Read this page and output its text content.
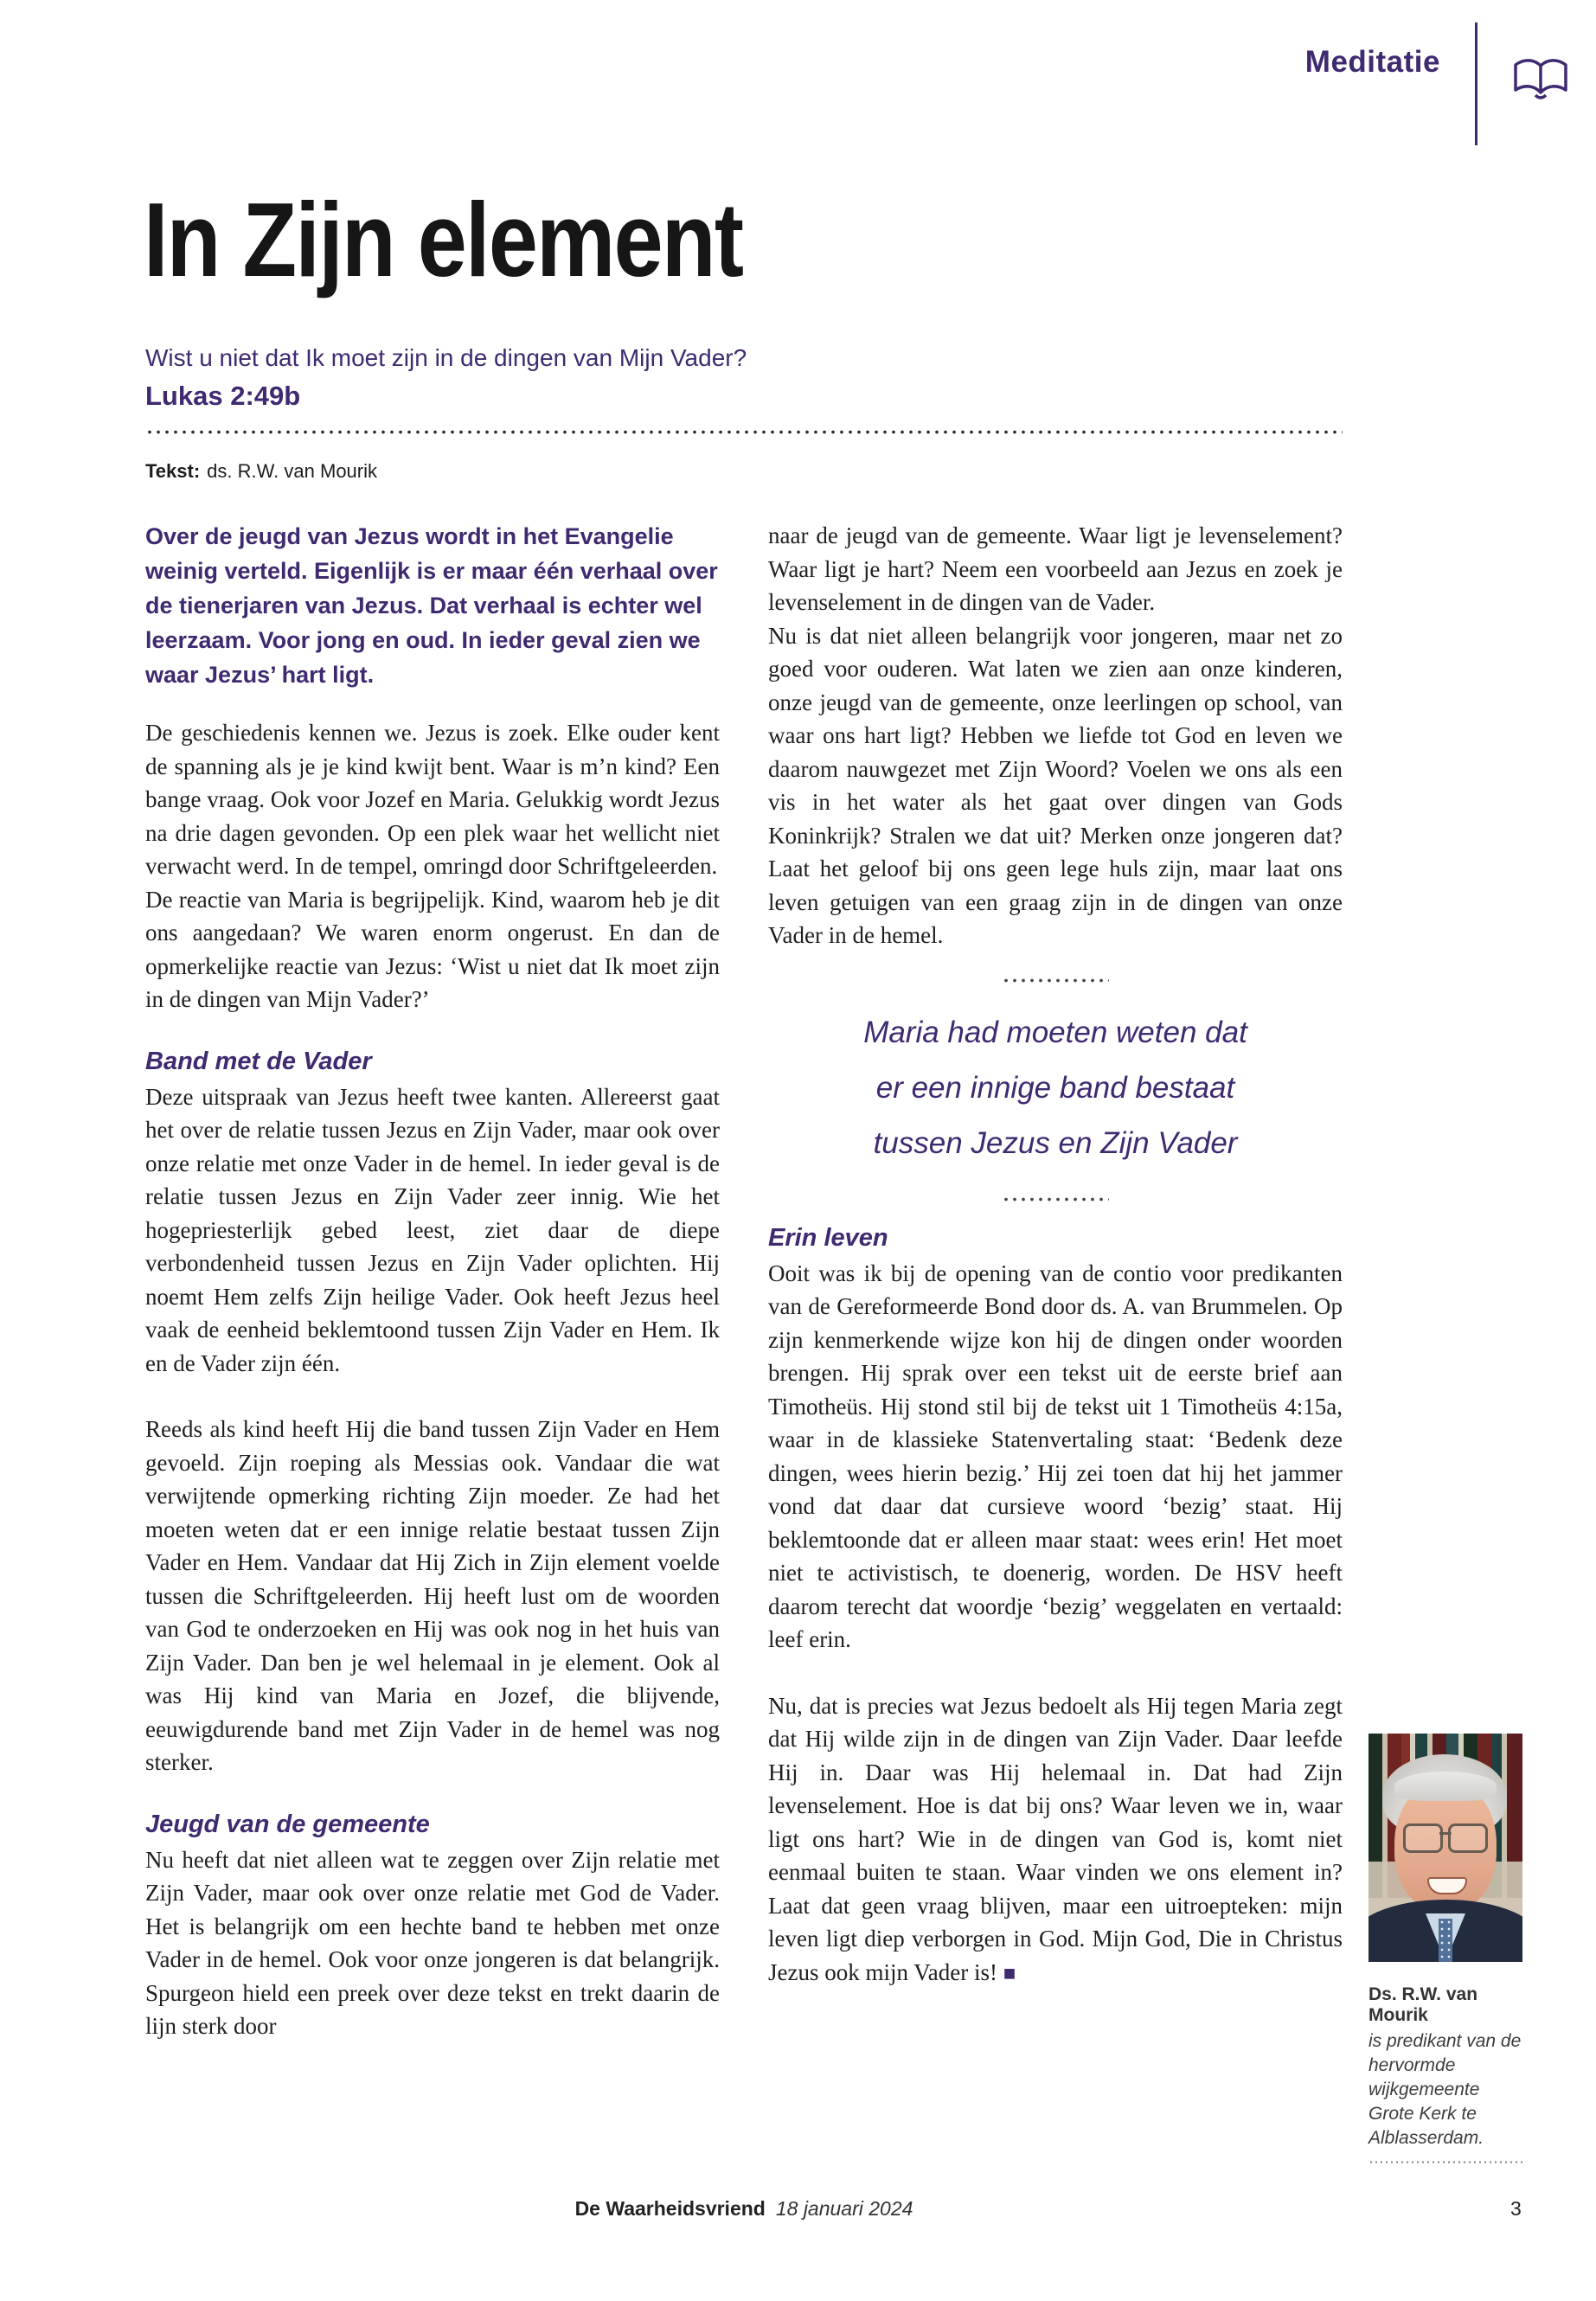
Meditatie
In Zijn element
Wist u niet dat Ik moet zijn in de dingen van Mijn Vader?
Lukas 2:49b
Tekst: ds. R.W. van Mourik

Over de jeugd van Jezus wordt in het Evangelie weinig verteld. Eigenlijk is er maar één verhaal over de tienerjaren van Jezus. Dat verhaal is echter wel leerzaam. Voor jong en oud. In ieder geval zien we waar Jezus’ hart ligt.

De geschiedenis kennen we. Jezus is zoek. Elke ouder kent de spanning als je je kind kwijt bent. Waar is m’n kind? Een bange vraag. Ook voor Jozef en Maria. Gelukkig wordt Jezus na drie dagen gevonden. Op een plek waar het wellicht niet verwacht werd. In de tempel, omringd door Schriftgeleerden.

De reactie van Maria is begrijpelijk. Kind, waarom heb je dit ons aangedaan? We waren enorm ongerust. En dan de opmerkelijke reactie van Jezus: ‘Wist u niet dat Ik moet zijn in de dingen van Mijn Vader?’

Band met de Vader

Deze uitspraak van Jezus heeft twee kanten. Allereerst gaat het over de relatie tussen Jezus en Zijn Vader, maar ook over onze relatie met onze Vader in de hemel. In ieder geval is de relatie tussen Jezus en Zijn Vader zeer innig. Wie het hogepriesterlijk gebed leest, ziet daar de diepe verbondenheid tussen Jezus en Zijn Vader oplichten. Hij noemt Hem zelfs Zijn heilige Vader. Ook heeft Jezus heel vaak de eenheid beklemtoond tussen Zijn Vader en Hem. Ik en de Vader zijn één.

Reeds als kind heeft Hij die band tussen Zijn Vader en Hem gevoeld. Zijn roeping als Messias ook. Vandaar die wat verwijtende opmerking richting Zijn moeder. Ze had het moeten weten dat er een innige relatie bestaat tussen Zijn Vader en Hem. Vandaar dat Hij Zich in Zijn element voelde tussen die Schriftgeleerden. Hij heeft lust om de woorden van God te onderzoeken en Hij was ook nog in het huis van Zijn Vader. Dan ben je wel helemaal in je element. Ook al was Hij kind van Maria en Jozef, die blijvende, eeuwigdurende band met Zijn Vader in de hemel was nog sterker.

Jeugd van de gemeente

Nu heeft dat niet alleen wat te zeggen over Zijn relatie met Zijn Vader, maar ook over onze relatie met God de Vader. Het is belangrijk om een hechte band te hebben met onze Vader in de hemel. Ook voor onze jongeren is dat belangrijk. Spurgeon hield een preek over deze tekst en trekt daarin de lijn sterk door

naar de jeugd van de gemeente. Waar ligt je levenselement? Waar ligt je hart? Neem een voorbeeld aan Jezus en zoek je levenselement in de dingen van de Vader.

Nu is dat niet alleen belangrijk voor jongeren, maar net zo goed voor ouderen. Wat laten we zien aan onze kinderen, onze jeugd van de gemeente, onze leerlingen op school, van waar ons hart ligt? Hebben we liefde tot God en leven we daarom nauwgezet met Zijn Woord? Voelen we ons als een vis in het water als het gaat over dingen van Gods Koninkrijk? Stralen we dat uit? Merken onze jongeren dat? Laat het geloof bij ons geen lege huls zijn, maar laat ons leven getuigen van een graag zijn in de dingen van onze Vader in de hemel.

Maria had moeten weten dat er een innige band bestaat tussen Jezus en Zijn Vader
Erin leven

Ooit was ik bij de opening van de contio voor predikanten van de Gereformeerde Bond door ds. A. van Brummelen. Op zijn kenmerkende wijze kon hij de dingen onder woorden brengen. Hij sprak over een tekst uit de eerste brief aan Timotheüs. Hij stond stil bij de tekst uit 1 Timotheüs 4:15a, waar in de klassieke Statenvertaling staat: ‘Bedenk deze dingen, wees hierin bezig.’ Hij zei toen dat hij het jammer vond dat daar dat cursieve woord ‘bezig’ staat. Hij beklemtoonde dat er alleen maar staat: wees erin! Het moet niet te activistisch, te doenerig, worden. De HSV heeft daarom terecht dat woordje ‘bezig’ weggelaten en vertaald: leef erin.

Nu, dat is precies wat Jezus bedoelt als Hij tegen Maria zegt dat Hij wilde zijn in de dingen van Zijn Vader. Daar leefde Hij in. Daar was Hij helemaal in. Dat had Zijn levenselement. Hoe is dat bij ons? Waar leven we in, waar ligt ons hart? Wie in de dingen van God is, komt niet eenmaal buiten te staan. Waar vinden we ons element in? Laat dat geen vraag blijven, maar een uitroepteken: mijn leven ligt diep verborgen in God. Mijn God, Die in Christus Jezus ook mijn Vader is! ■

Ds. R.W. van Mourik
is predikant van de hervormde wijkgemeente Grote Kerk te Alblasserdam.
De Waarheidsvriend 18 januari 2024	3
